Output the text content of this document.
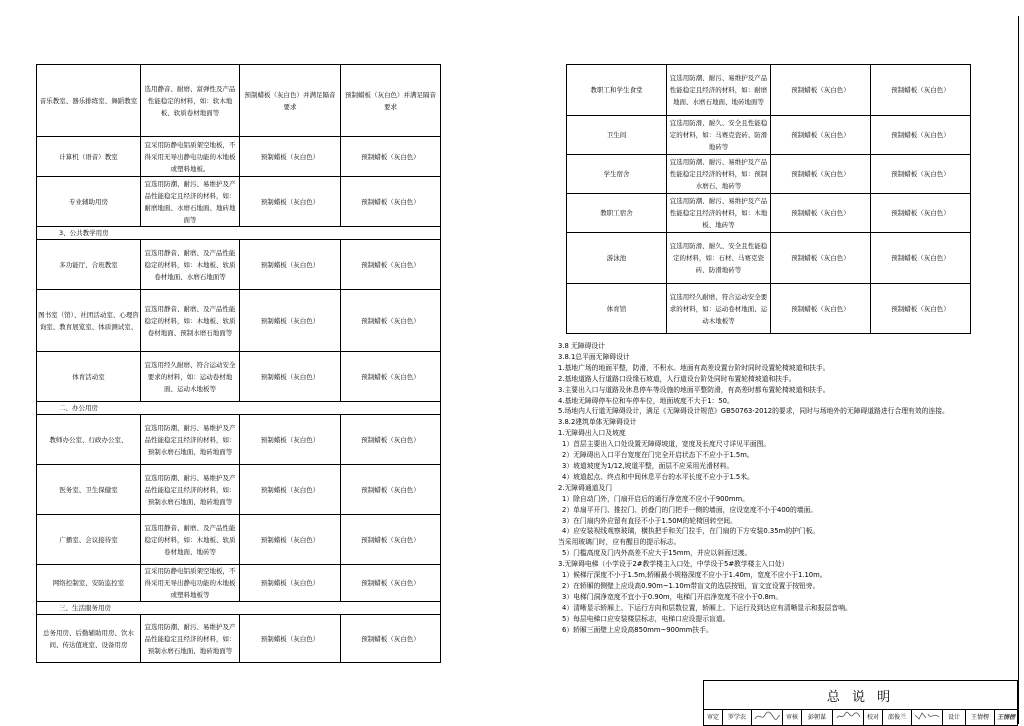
音乐教室、器乐排练室、舞蹈教室	选用静音、耐磨、富弹性及产品性能稳定的材料，如：软木地板、软质卷材地面等	预制蜡板（灰白色）并满足隔音要求	预制蜡板（灰白色）并满足隔音要求
计算机（语音）教室	宜采用防静电铝质架空地板，不得采用无导出静电功能的木地板或塑料地板。	预制蜡板（灰白色）	预制蜡板（灰白色）
专业辅助用房	宜选用防潮、耐污、易维护及产品性能稳定且经济的材料，如：耐磨地面、水磨石地面、地砖地面等	预制蜡板（灰白色）	预制蜡板（灰白色）
3、公共教学用房			
多功能厅、合班教室	宜选用静音、耐磨、及产品性能稳定的材料，如：木地板、软质卷材地面、水磨石地面等	预制蜡板（灰白色）	预制蜡板（灰白色）
图书室（馆）、社团活动室、心理咨询室、教育展览室、体质测试室、	宜选用静音、耐磨、及产品性能稳定的材料，如：木地板、软质卷材地面、预制水磨石地面等	预制蜡板（灰白色）	预制蜡板（灰白色）
体育活动室	宜选用经久耐磨、符合运动安全要求的材料，如：运动卷材地面、运动木地板等	预制蜡板（灰白色）	预制蜡板（灰白色）
二、办公用房			
教师办公室、行政办公室、	宜选用防潮、耐污、易维护及产品性能稳定且经济的材料，如：预制水磨石地面、地砖地面等	预制蜡板（灰白色）	预制蜡板（灰白色）
医务室、卫生保健室	宜选用防潮、耐污、易维护及产品性能稳定且经济的材料，如：预制水磨石地面、地砖地面等	预制蜡板（灰白色）	预制蜡板（灰白色）
广播室、会议接待室	宜选用静音、耐磨、及产品性能稳定的材料，如：木地板、软质卷材地面、地砖等	预制蜡板（灰白色）	预制蜡板（灰白色）
网络控制室、安防监控室	宜采用防静电铝质架空地板，不得采用无导出静电功能的木地板或塑料地板等	预制蜡板（灰白色）	预制蜡板（灰白色）
三、生活服务用房			
总务用房、后勤辅助用房、饮水间、传达值班室、设备用房	宜选用防潮、耐污、易维护及产品性能稳定且经济的材料，如：预制水磨石地面、地砖地面等	预制蜡板（灰白色）	预制蜡板（灰白色）
教职工和学生食堂	宜选用防潮、耐污、易维护及产品性能稳定且经济的材料，如：耐磨地面、水磨石地面、地砖地面等	预制蜡板（灰白色）	预制蜡板（灰白色）
卫生间	宜选用防滑、耐久、安全且性能稳定的材料，如：马赛克瓷砖、防滑地砖等	预制蜡板（灰白色）	预制蜡板（灰白色）
学生宿舍	宜选用防潮、耐污、易维护及产品性能稳定且经济的材料，如：预制水磨石、地砖等	预制蜡板（灰白色）	预制蜡板（灰白色）
教职工宿舍	宜选用防潮、耐污、易维护及产品性能稳定且经济的材料，如：木地板、地砖等	预制蜡板（灰白色）	预制蜡板（灰白色）
游泳池	宜选用防滑、耐久、安全且性能稳定的材料，如：石材、马赛克瓷砖、防滑地砖等	预制蜡板（灰白色）	预制蜡板（灰白色）
体育馆	宜选用经久耐磨、符合运动安全要求的材料，如：运动卷材地面、运动木地板等	预制蜡板（灰白色）	预制蜡板（灰白色）
3.8 无障碍设计
3.8.1总平面无障碍设计
1.基地广场的地面平整，防滑，不积水。地面有高差设置台阶时同时设置轮椅坡道和扶手。
2.基地道路人行道路口设缘石坡道，人行道设台阶处同时布置轮椅坡道和扶手。
3.主要出入口与道路及休息停车等设施的地面平整防滑，有高差时都布置轮椅坡道和扶手。
4.基地无障碍停车位和车停车位，地面坡度不大于1：50。
5.场地内人行道无障碍设计，满足《无障碍设计规范》GB50763-2012的要求，同时与场地外的无障碍道路进行合理有效的连接。
3.8.2建筑单体无障碍设计
1.无障碍出入口及坡度
1）首层主要出入口处设置无障碍坡道，宽度及长度尺寸详见平面图。
2）无障碍出入口平台宽度在门完全开启状态下不应小于1.5m。
3）坡道坡度为1/12,坡道平整，面层不应采用光滑材料。
4）坡道起点、终点和中间休息平台的水平长度不应小于1.5米。
2.无障碍通道及门
1）除自动门外，门扇开启后的通行净宽度不应小于900mm。
2）单扇平开门、推拉门、折叠门的门把手一侧的墙面，应设宽度不小于400的墙面。
3）在门扇内外应留有直径不小于1.50M的轮椅回转空间。
4）应安装视线观察玻璃，横执把手和关门拉手，在门扇的下方安装0.35m的护门板。
当采用玻璃门时，应有醒目的提示标志。
5）门槛高度及门内外高差不应大于15mm，并应以斜面过渡。
3.无障碍电梯（小学设于2#教学楼主入口处，中学设于5#教学楼主入口处）
1）候梯厅深度不小于1.5m,轿厢最小规格深度不应小于1.40m，宽度不应小于1.10m。
2）在轿厢的侧壁上应设高0.90m~1.10m带盲文的选层按钮，盲文宜设置于按钮旁。
3）电梯门洞净宽度不宜小于0.90m，电梯门开启净宽度不应小于0.8m。
4）清晰显示轿厢上、下运行方向和层数位置，轿厢上、下运行及到达应有清晰显示和报层音响。
5）每层电梯口应安装楼层标志，电梯口应设提示盲道。
6）轿厢三面壁上应设高850mm~900mm扶手。
总 说 明
审定	罗学农	审核	彭朝谋	校对	邵俊兰	设计	王情楞	王情楞
